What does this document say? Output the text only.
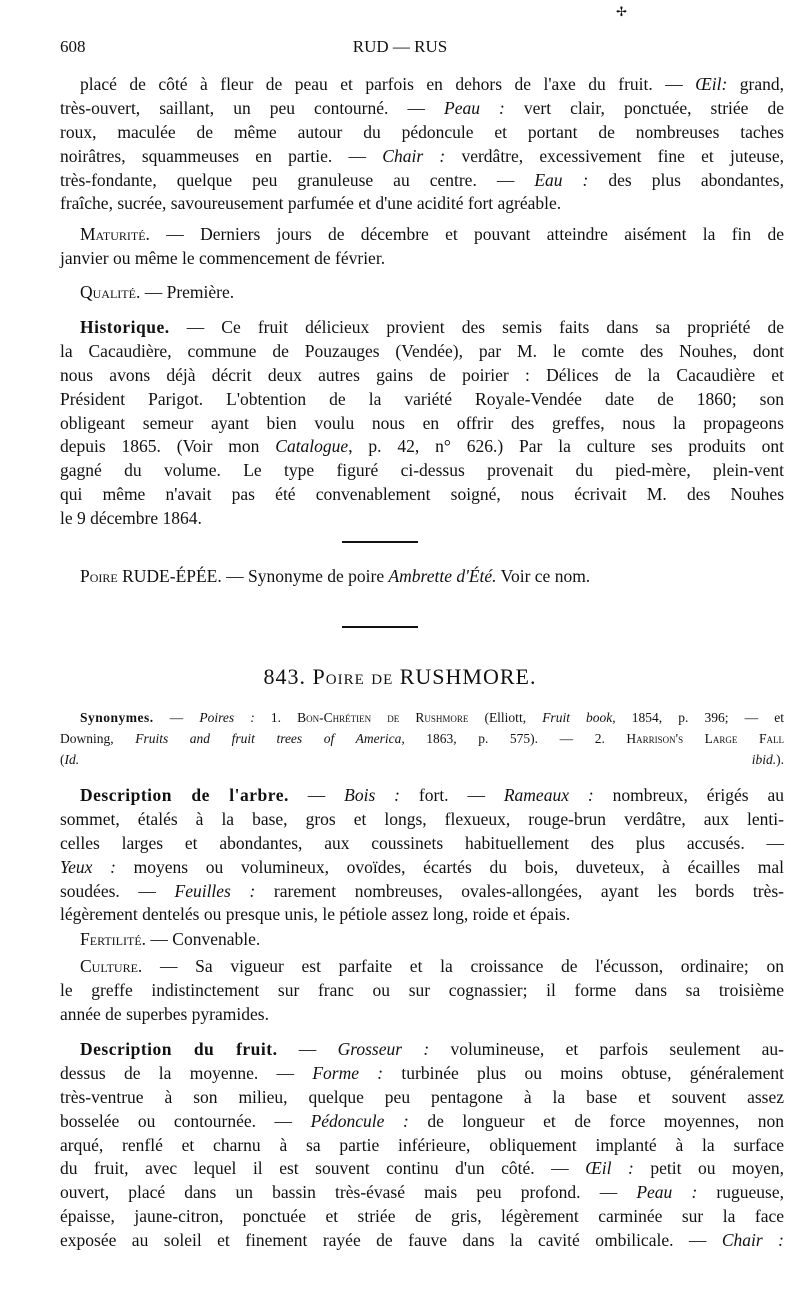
✢
608	RUD — RUS
placé de côté à fleur de peau et parfois en dehors de l'axe du fruit. — Œil: grand,
très-ouvert, saillant, un peu contourné. — Peau : vert clair, ponctuée, striée de
roux, maculée de même autour du pédoncule et portant de nombreuses taches
noirâtres, squammeuses en partie. — Chair : verdâtre, excessivement fine et juteuse,
très-fondante, quelque peu granuleuse au centre. — Eau : des plus abondantes,
fraîche, sucrée, savoureusement parfumée et d'une acidité fort agréable.
Maturité. — Derniers jours de décembre et pouvant atteindre aisément la fin de
janvier ou même le commencement de février.
Qualité. — Première.
Historique. — Ce fruit délicieux provient des semis faits dans sa propriété de
la Cacaudière, commune de Pouzauges (Vendée), par M. le comte des Nouhes, dont
nous avons déjà décrit deux autres gains de poirier : Délices de la Cacaudière et
Président Parigot. L'obtention de la variété Royale-Vendée date de 1860; son
obligeant semeur ayant bien voulu nous en offrir des greffes, nous la propageons
depuis 1865. (Voir mon Catalogue, p. 42, n° 626.) Par la culture ses produits ont
gagné du volume. Le type figuré ci-dessus provenait du pied-mère, plein-vent
qui même n'avait pas été convenablement soigné, nous écrivait M. des Nouhes
le 9 décembre 1864.
Poire RUDE-ÉPÉE. — Synonyme de poire Ambrette d'Été. Voir ce nom.
843. Poire de RUSHMORE.
Synonymes. — Poires : 1. Bon-Chrétien de Rushmore (Elliott, Fruit book, 1854, p. 396; — et
Downing, Fruits and fruit trees of America, 1863, p. 575). — 2. Harrison's Large Fall
(Id. ibid.).
Description de l'arbre. — Bois : fort. — Rameaux : nombreux, érigés au
sommet, étalés à la base, gros et longs, flexueux, rouge-brun verdâtre, aux lenti-
celles larges et abondantes, aux coussinets habituellement des plus accusés. —
Yeux : moyens ou volumineux, ovoïdes, écartés du bois, duveteux, à écailles mal
soudées. — Feuilles : rarement nombreuses, ovales-allongées, ayant les bords très-
légèrement dentelés ou presque unis, le pétiole assez long, roide et épais.
Fertilité. — Convenable.
Culture. — Sa vigueur est parfaite et la croissance de l'écusson, ordinaire; on
le greffe indistinctement sur franc ou sur cognassier; il forme dans sa troisième
année de superbes pyramides.
Description du fruit. — Grosseur : volumineuse, et parfois seulement au-
dessus de la moyenne. — Forme : turbinée plus ou moins obtuse, généralement
très-ventrue à son milieu, quelque peu pentagone à la base et souvent assez
bosselée ou contournée. — Pédoncule : de longueur et de force moyennes, non
arqué, renflé et charnu à sa partie inférieure, obliquement implanté à la surface
du fruit, avec lequel il est souvent continu d'un côté. — Œil : petit ou moyen,
ouvert, placé dans un bassin très-évasé mais peu profond. — Peau : rugueuse,
épaisse, jaune-citron, ponctuée et striée de gris, légèrement carminée sur la face
exposée au soleil et finement rayée de fauve dans la cavité ombilicale. — Chair :
